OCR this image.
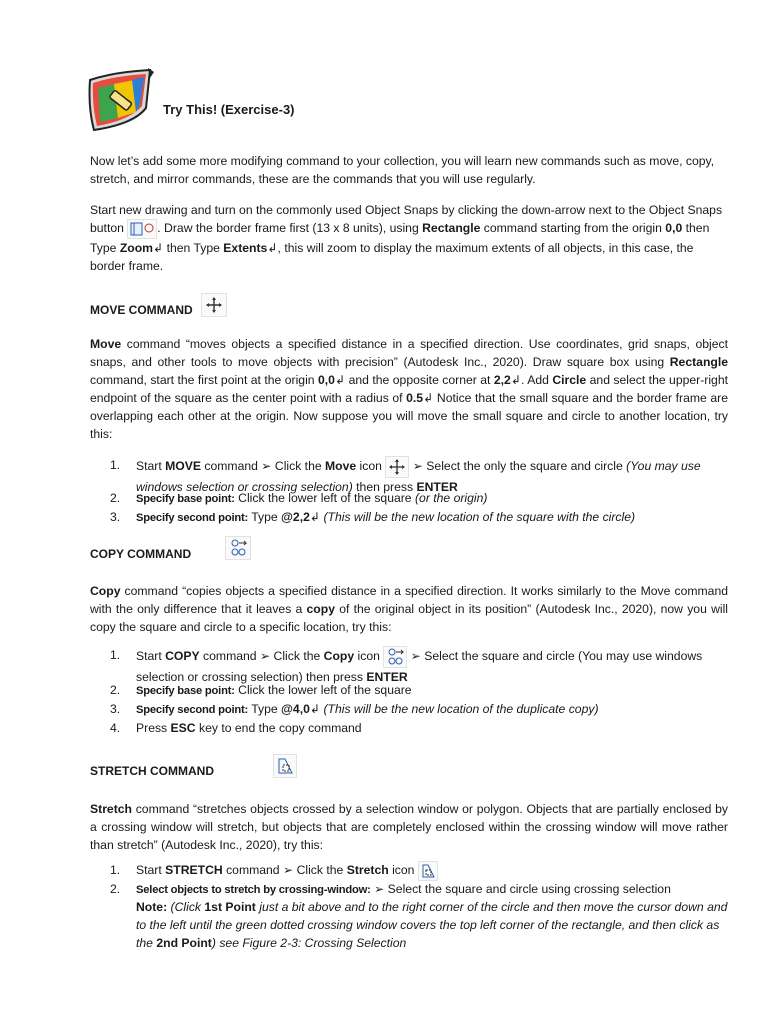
Try This! (Exercise-3)
Now let’s add some more modifying command to your collection, you will learn new commands such as move, copy, stretch, and mirror commands, these are the commands that you will use regularly.
Start new drawing and turn on the commonly used Object Snaps by clicking the down-arrow next to the Object Snaps button	. Draw the border frame first (13 x 8 units), using Rectangle command starting from the origin 0,0 then Type Zoom↲ then Type Extents↲, this will zoom to display the maximum extents of all objects, in this case, the border frame.
MOVE COMMAND

Move command “moves objects a specified distance in a specified direction. Use coordinates, grid snaps, object snaps, and other tools to move objects with precision” (Autodesk Inc., 2020). Draw square box using Rectangle command, start the first point at the origin 0,0↲ and the opposite corner at 2,2↲. Add Circle and select the upper-right endpoint of the square as the center point with a radius of 0.5↲ Notice that the small square and the border frame are overlapping each other at the origin. Now suppose you will move the small square and circle to another location, try this:
1. Start MOVE command ➢ Click the Move icon
➢ Select the only the square and circle (You may use windows selection or crossing selection) then press ENTER
2. Specify base point: Click the lower left of the square (or the origin)
3. Specify second point: Type @2,2↲ (This will be the new location of the square with the circle)
COPY COMMAND

Copy command “copies objects a specified distance in a specified direction. It works similarly to the Move command with the only difference that it leaves a copy of the original object in its position” (Autodesk Inc., 2020), now you will copy the square and circle to a specific location, try this:
1. Start COPY command ➢ Click the Copy icon
➢ Select the square and circle (You may use windows selection or crossing selection) then press ENTER
2. Specify base point: Click the lower left of the square
3. Specify second point: Type @4,0↲ (This will be the new location of the duplicate copy)
4. Press ESC key to end the copy command
STRETCH COMMAND
Stretch command “stretches objects crossed by a selection window or polygon. Objects that are partially enclosed by a crossing window will stretch, but objects that are completely enclosed within the crossing window will move rather than stretch” (Autodesk Inc., 2020), try this:
1. Start STRETCH command ➢ Click the Stretch icon
2. Select objects to stretch by crossing-window: ➢ Select the square and circle using crossing selection
Note: (Click 1st Point just a bit above and to the right corner of the circle and then move the cursor down and to the left until the green dotted crossing window covers the top left corner of the rectangle, and then click as the 2nd Point) see Figure 2-3: Crossing Selection
